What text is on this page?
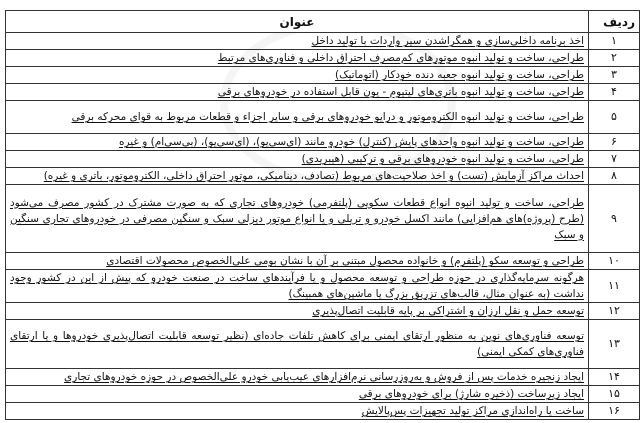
ردیف	عنوان
۱	اخذ برنامه داخلی‌سازی و همگراشدن سیر واردات با تولید داخل
۲	طراحی، ساخت و تولید انبوه موتورهای کم‌مصرف احتراق داخلی و فناوری‌های مرتبط
۳	طراحی، ساخت و تولید انبوه جعبه دنده خودکار (اتوماتیک)
۴	طراحی، ساخت و تولید انبوه باتری‌های لیتیوم - یون قابل استفاده در خودروهای برقی
۵	طراحی، ساخت و تولید انبوه الکتروموتور و درایو خودروهای برقی و سایر اجزاء و قطعات مربوط به قوای محرکه برقی
۶	طراحی، ساخت و تولید انبوه واحدهای پایش (کنترل) خودرو مانند (ای‌سی‌یو)، (ای‌سی‌یو)، (بی‌سی‌ام) و غیره
۷	طراحی، ساخت و تولید انبوه خودروهای برقی و ترکیبی (هیبریدی)
۸	احداث مراکز آزمایش (تست) و اخذ صلاحیت‌های مربوط (تصادف، دینامیکی، موتور احتراق داخلی، الکتروموتور، باتری و غیره)
۹	طراحی، ساخت و تولید انبوه انواع قطعات سکویی (پلتفرمی) خودروهای تجاری که به صورت مشترک در کشور مصرف می‌شود (طرح (پروژه)های هم‌افزایی) مانند اکسل خودرو و تریلی و یا انواع موتور دیزلی سبک و سنگین مصرفی در خودروهای تجاری سنگین و سبک
۱۰	طراحی و توسعه سکو (پلتفرم) و خانواده محصول مبتنی بر آن با نشان بومی علی‌الخصوص محصولات اقتصادی
۱۱	هرگونه سرمایه‌گذاری در حوزه طراحی و توسعه محصول و یا فرآیندهای ساخت در صنعت خودرو که پیش از این در کشور وجود نداشت (به عنوان مثال، قالب‌های تزریق بزرگ یا ماشین‌های همبینگ)
۱۲	توسعه حمل و نقل ارزان و اشتراکی بر پایه قابلیت اتصال‌پذیری
۱۳	توسعه فناوری‌های نوین به منظور ارتقای ایمنی برای کاهش تلفات جاده‌ای (نظیر توسعه قابلیت اتصال‌پذیری خودروها و یا ارتقای فناوری‌های کمکی ایمنی)
۱۴	ایجاد زنجیره خدمات پس از فروش و به‌روزرسانی نرم‌افزارهای عیب‌یابی خودرو علی‌الخصوص در حوزه خودروهای تجاری
۱۵	ایجاد زیرساخت (ذخیره شارژ) برای خودروهای برقی
۱۶	ساخت یا راه‌اندازی مراکز تولید تجهیزات پس‌پالایش
